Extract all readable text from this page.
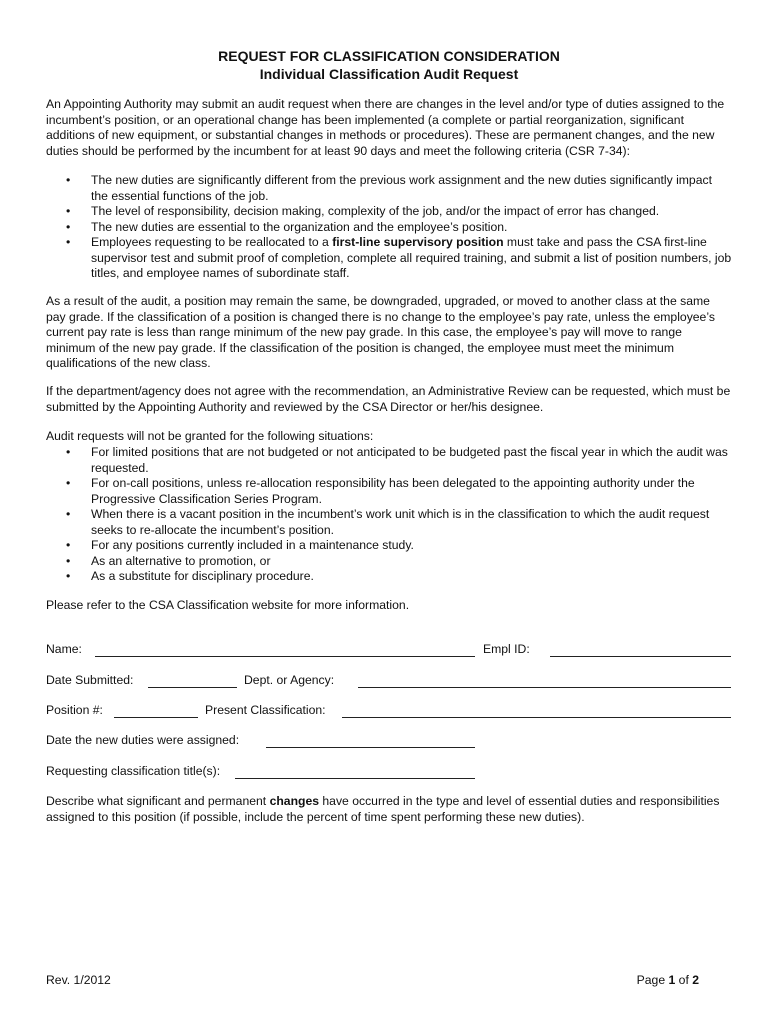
REQUEST FOR CLASSIFICATION CONSIDERATION
Individual Classification Audit Request

An Appointing Authority may submit an audit request when there are changes in the level and/or type of duties assigned to the incumbent’s position, or an operational change has been implemented (a complete or partial reorganization, significant additions of new equipment, or substantial changes in methods or procedures). These are permanent changes, and the new duties should be performed by the incumbent for at least 90 days and meet the following criteria (CSR 7-34):

• The new duties are significantly different from the previous work assignment and the new duties significantly impact the essential functions of the job.
• The level of responsibility, decision making, complexity of the job, and/or the impact of error has changed.
• The new duties are essential to the organization and the employee’s position.
• Employees requesting to be reallocated to a first-line supervisory position must take and pass the CSA first-line supervisor test and submit proof of completion, complete all required training, and submit a list of position numbers, job titles, and employee names of subordinate staff.

As a result of the audit, a position may remain the same, be downgraded, upgraded, or moved to another class at the same pay grade. If the classification of a position is changed there is no change to the employee’s pay rate, unless the employee’s current pay rate is less than range minimum of the new pay grade. In this case, the employee’s pay will move to range minimum of the new pay grade. If the classification of the position is changed, the employee must meet the minimum qualifications of the new class.

If the department/agency does not agree with the recommendation, an Administrative Review can be requested, which must be submitted by the Appointing Authority and reviewed by the CSA Director or her/his designee.

Audit requests will not be granted for the following situations:

• For limited positions that are not budgeted or not anticipated to be budgeted past the fiscal year in which the audit was requested.
• For on-call positions, unless re-allocation responsibility has been delegated to the appointing authority under the Progressive Classification Series Program.
• When there is a vacant position in the incumbent’s work unit which is in the classification to which the audit request seeks to re-allocate the incumbent’s position.
• For any positions currently included in a maintenance study.
• As an alternative to promotion, or
• As a substitute for disciplinary procedure.

Please refer to the CSA Classification website for more information.

Name:	Empl ID:
Date Submitted:	Dept. or Agency:
Position #:	Present Classification:
Date the new duties were assigned:
Requesting classification title(s):

Describe what significant and permanent changes have occurred in the type and level of essential duties and responsibilities assigned to this position (if possible, include the percent of time spent performing these new duties).

Rev. 1/2012	Page 1 of 2
